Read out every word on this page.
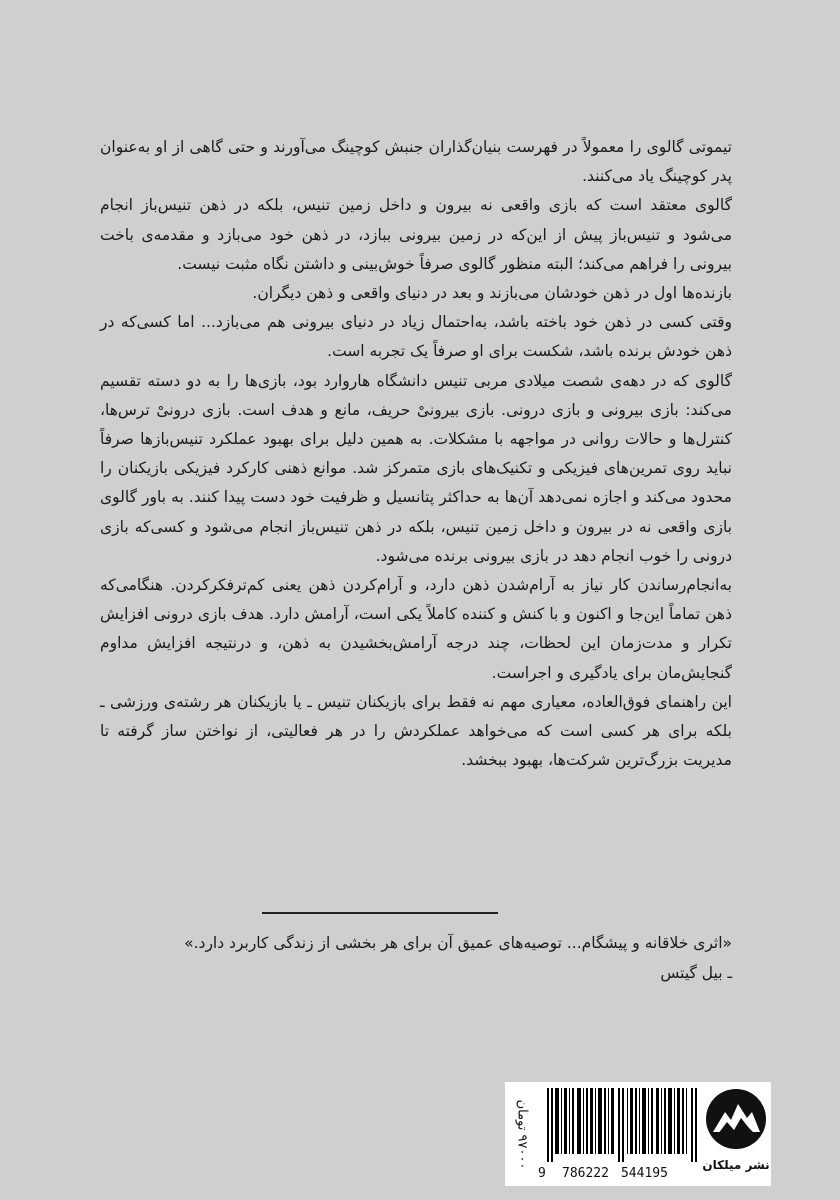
تیموتی گالوی را معمولاً در فهرست بنیان‌گذاران جنبش کوچینگ می‌آورند و حتی گاهی از او به‌عنوان پدر کوچینگ یاد می‌کنند.

گالوی معتقد است که بازی واقعی نه بیرون و داخل زمین تنیس، بلکه در ذهن تنیس‌باز انجام می‌شود و تنیس‌باز پیش از این‌که در زمین بیرونی ببازد، در ذهن خود می‌بازد و مقدمه‌ی باخت بیرونی را فراهم می‌کند؛ البته منظور گالوی صرفاً خوش‌بینی و داشتن نگاه مثبت نیست.

بازنده‌ها اول در ذهن خودشان می‌بازند و بعد در دنیای واقعی و ذهن دیگران.

وقتی کسی در ذهن خود باخته باشد، به‌احتمال زیاد در دنیای بیرونی هم می‌بازد... اما کسی‌که در ذهن خودش برنده باشد، شکست برای او صرفاً یک تجربه است.

گالوی که در دهه‌ی شصت میلادی مربی تنیس دانشگاه هاروارد بود، بازی‌ها را به دو دسته تقسیم می‌کند: بازی بیرونی و بازی درونی. بازی بیرونیْ حریف، مانع و هدف است. بازی درونیْ ترس‌ها، کنترل‌ها و حالات روانی در مواجهه با مشکلات. به همین دلیل برای بهبود عملکرد تنیس‌بازها صرفاً نباید روی تمرین‌های فیزیکی و تکنیک‌های بازی متمرکز شد. موانع ذهنی کارکرد فیزیکی بازیکنان را محدود می‌کند و اجازه نمی‌دهد آن‌ها به حداکثر پتانسیل و ظرفیت خود دست پیدا کنند. به باور گالوی بازی واقعی نه در بیرون و داخل زمین تنیس، بلکه در ذهن تنیس‌باز انجام می‌شود و کسی‌که بازی درونی را خوب انجام دهد در بازی بیرونی برنده می‌شود.

به‌انجام‌رساندن کار نیاز به آرام‌شدن ذهن دارد، و آرام‌کردن ذهن یعنی کم‌ترفکرکردن. هنگامی‌که ذهن تماماً این‌جا و اکنون و با کنش و کننده کاملاً یکی است، آرامش دارد. هدف بازی درونی افزایش تکرار و مدت‌زمان این لحظات، چند درجه آرامش‌بخشیدن به ذهن، و درنتیجه افزایش مداوم گنجایش‌مان برای یادگیری و اجراست.

این راهنمای فوق‌العاده، معیاری مهم نه فقط برای بازیکنان تنیس ـ یا بازیکنان هر رشته‌ی ورزشی ـ بلکه برای هر کسی است که می‌خواهد عملکردش را در هر فعالیتی، از نواختن ساز گرفته تا مدیریت بزرگ‌ترین شرکت‌ها، بهبود ببخشد.

«اثری خلاقانه و پیشگام... توصیه‌های عمیق آن برای هر بخشی از زندگی کاربرد دارد.»

ـ بیل گیتس

۹۷۰۰۰ تومان
9	786222 544195
نشر میلکان
